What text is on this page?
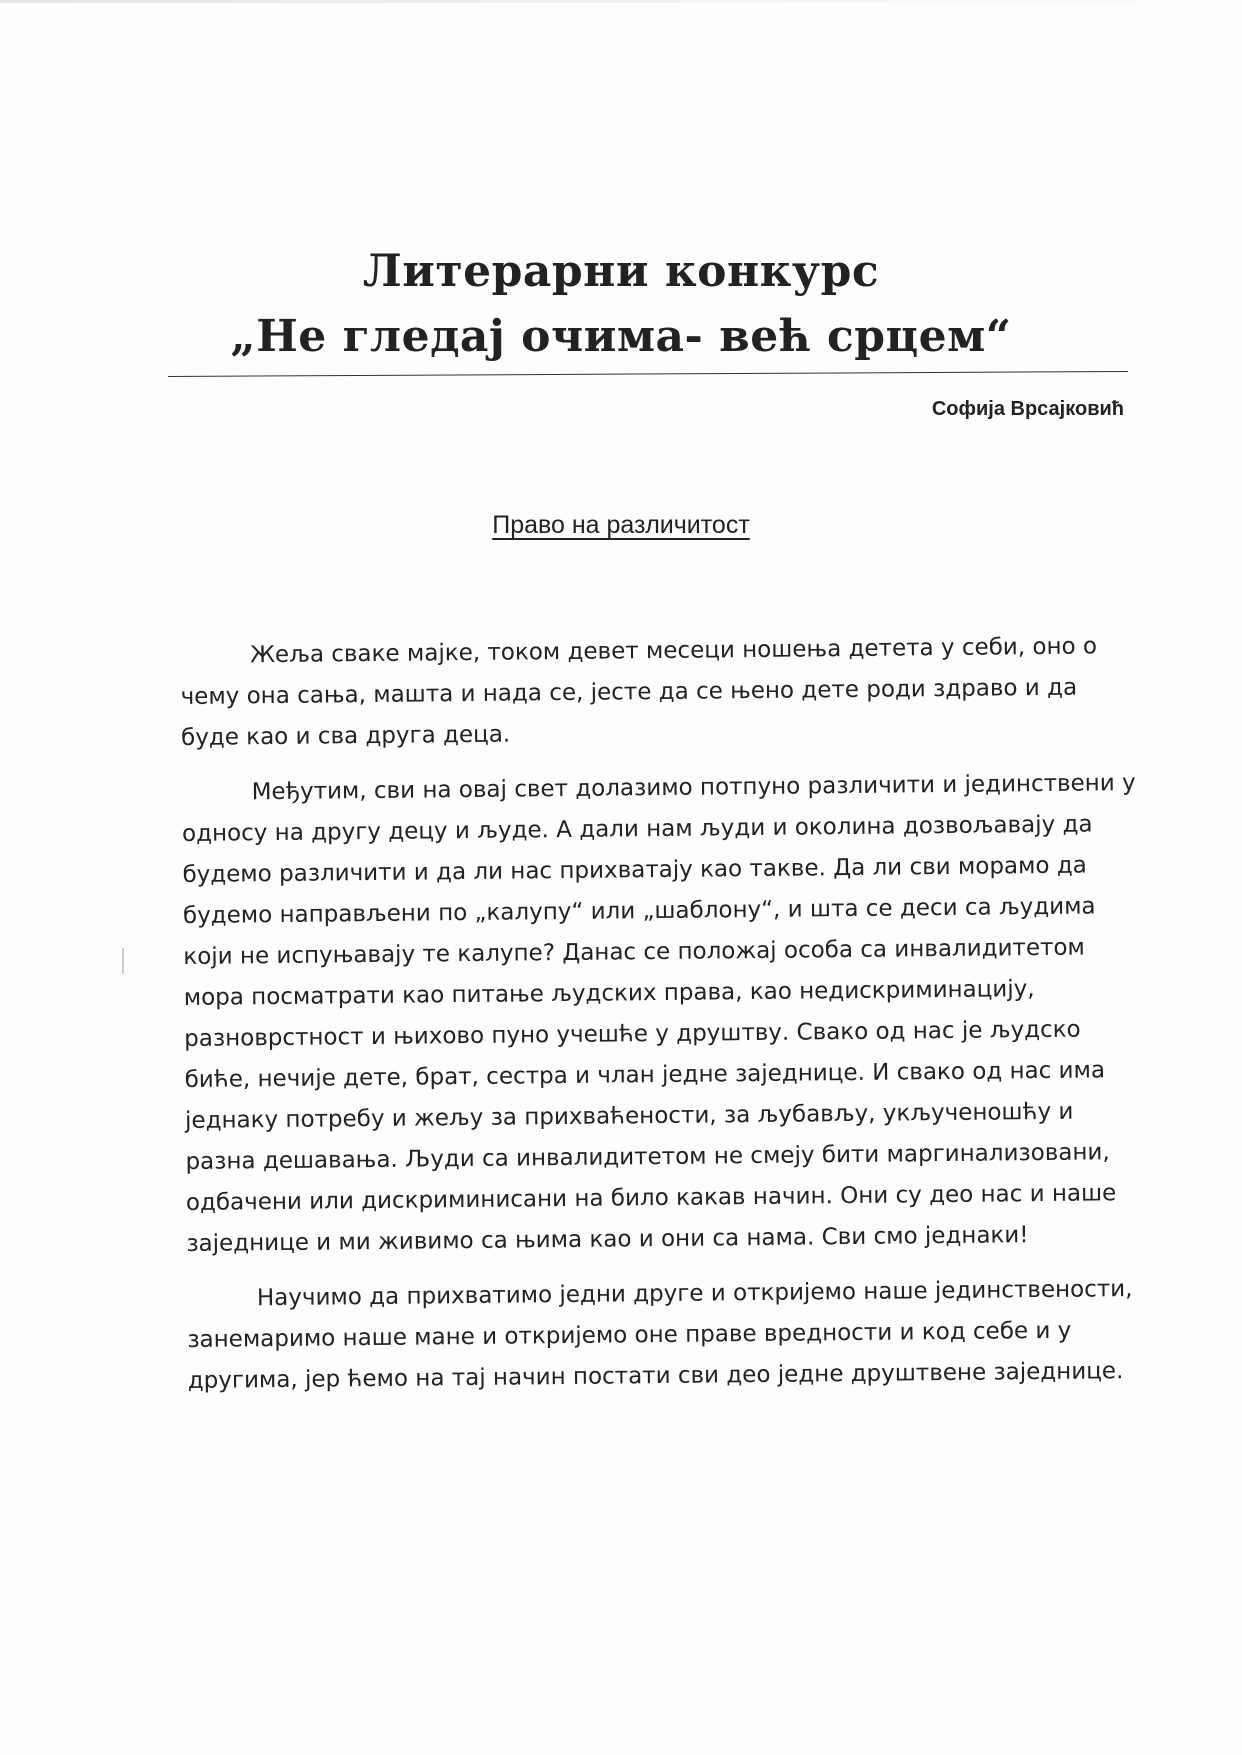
Литерарни конкурс
„Не гледај очима- већ срцем“
Софија Врсајковић
Право на различитост

Жеља сваке мајке, током девет месеци ношења детета у себи, оно о чему она сања, машта и нада се, јесте да се њено дете роди здраво и да буде као и сва друга деца.

Међутим, сви на овај свет долазимо потпуно различити и јединствени у односу на другу децу и људе. А дали нам људи и околина дозвољавају да будемо различити и да ли нас прихватају као такве. Да ли сви морамо да будемо направљени по „калупу“ или „шаблону“, и шта се деси са људима који не испуњавају те калупе? Данас се положај особа са инвалидитетом мора посматрати као питање људских права, као недискриминацију, разноврстност и њихово пуно учешће у друштву. Свако од нас је људско биће, нечије дете, брат, сестра и члан једне заједнице. И свако од нас има једнаку потребу и жељу за прихваћености, за љубављу, укљученошћу и разна дешавања. Људи са инвалидитетом не смеју бити маргинализовани, одбачени или дискриминисани на било какав начин. Они су део нас и наше заједнице и ми живимо са њима као и они са нама. Сви смо једнаки!

Научимо да прихватимо једни друге и откријемо наше јединствености, занемаримо наше мане и откријемо оне праве вредности и код себе и у другима, јер ћемо на тај начин постати сви део једне друштвене заједнице.
